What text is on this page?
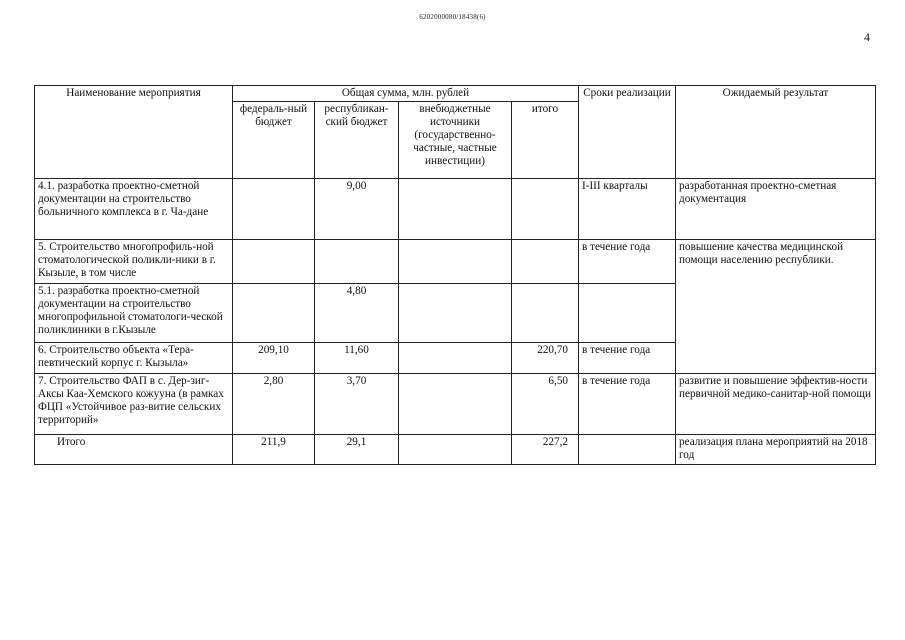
6202000080/18438(6)
4
Наименование мероприятия	Общая сумма, млн. рублей				Сроки реализации	Ожидаемый результат
	федераль-ный бюджет	республикан-ский бюджет	внебюджетные источники (государственно-частные, частные инвестиции)	итого		
4.1. разработка проектно-сметной документации на строительство больничного комплекса в г. Ча-дане		9,00			I-III кварталы	разработанная проектно-сметная документация
5. Строительство многопрофиль-ной стоматологической поликли-ники в г. Кызыле, в том числе					в течение года	повышение качества медицинской помощи населению республики.
5.1. разработка проектно-сметной документации на строительство многопрофильной стоматологи-ческой поликлиники в г.Кызыле		4,80				
6. Строительство объекта «Тера-певтический корпус г. Кызыла»	209,10	11,60		220,70	в течение года	
7. Строительство ФАП в с. Дер-зиг-Аксы Каа-Хемского кожууна (в рамках ФЦП «Устойчивое раз-витие сельских территорий»	2,80	3,70		6,50	в течение года	развитие и повышение эффектив-ности первичной медико-санитар-ной помощи
Итого	211,9	29,1		227,2		реализация плана мероприятий на 2018 год
